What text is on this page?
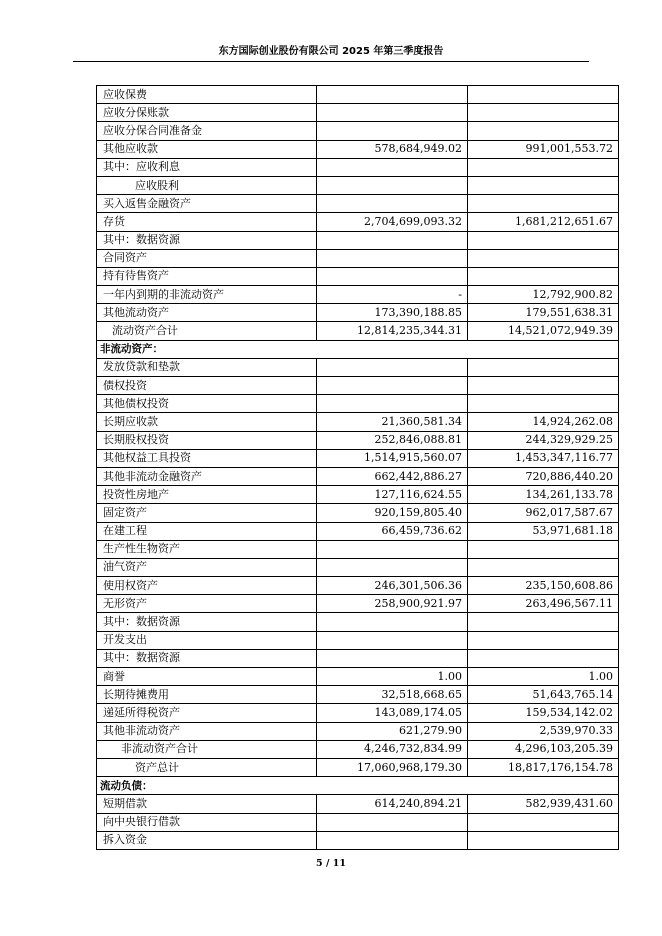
东方国际创业股份有限公司 2025 年第三季度报告
应收保费		
应收分保账款		
应收分保合同准备金		
其他应收款	578,684,949.02	991,001,553.72
其中：应收利息		
应收股利		
买入返售金融资产		
存货	2,704,699,093.32	1,681,212,651.67
其中：数据资源		
合同资产		
持有待售资产		
一年内到期的非流动资产	-	12,792,900.82
其他流动资产	173,390,188.85	179,551,638.31
流动资产合计	12,814,235,344.31	14,521,072,949.39
非流动资产：		
发放贷款和垫款		
债权投资		
其他债权投资		
长期应收款	21,360,581.34	14,924,262.08
长期股权投资	252,846,088.81	244,329,929.25
其他权益工具投资	1,514,915,560.07	1,453,347,116.77
其他非流动金融资产	662,442,886.27	720,886,440.20
投资性房地产	127,116,624.55	134,261,133.78
固定资产	920,159,805.40	962,017,587.67
在建工程	66,459,736.62	53,971,681.18
生产性生物资产		
油气资产		
使用权资产	246,301,506.36	235,150,608.86
无形资产	258,900,921.97	263,496,567.11
其中：数据资源		
开发支出		
其中：数据资源		
商誉	1.00	1.00
长期待摊费用	32,518,668.65	51,643,765.14
递延所得税资产	143,089,174.05	159,534,142.02
其他非流动资产	621,279.90	2,539,970.33
非流动资产合计	4,246,732,834.99	4,296,103,205.39
资产总计	17,060,968,179.30	18,817,176,154.78
流动负债：		
短期借款	614,240,894.21	582,939,431.60
向中央银行借款		
拆入资金		
5 / 11
